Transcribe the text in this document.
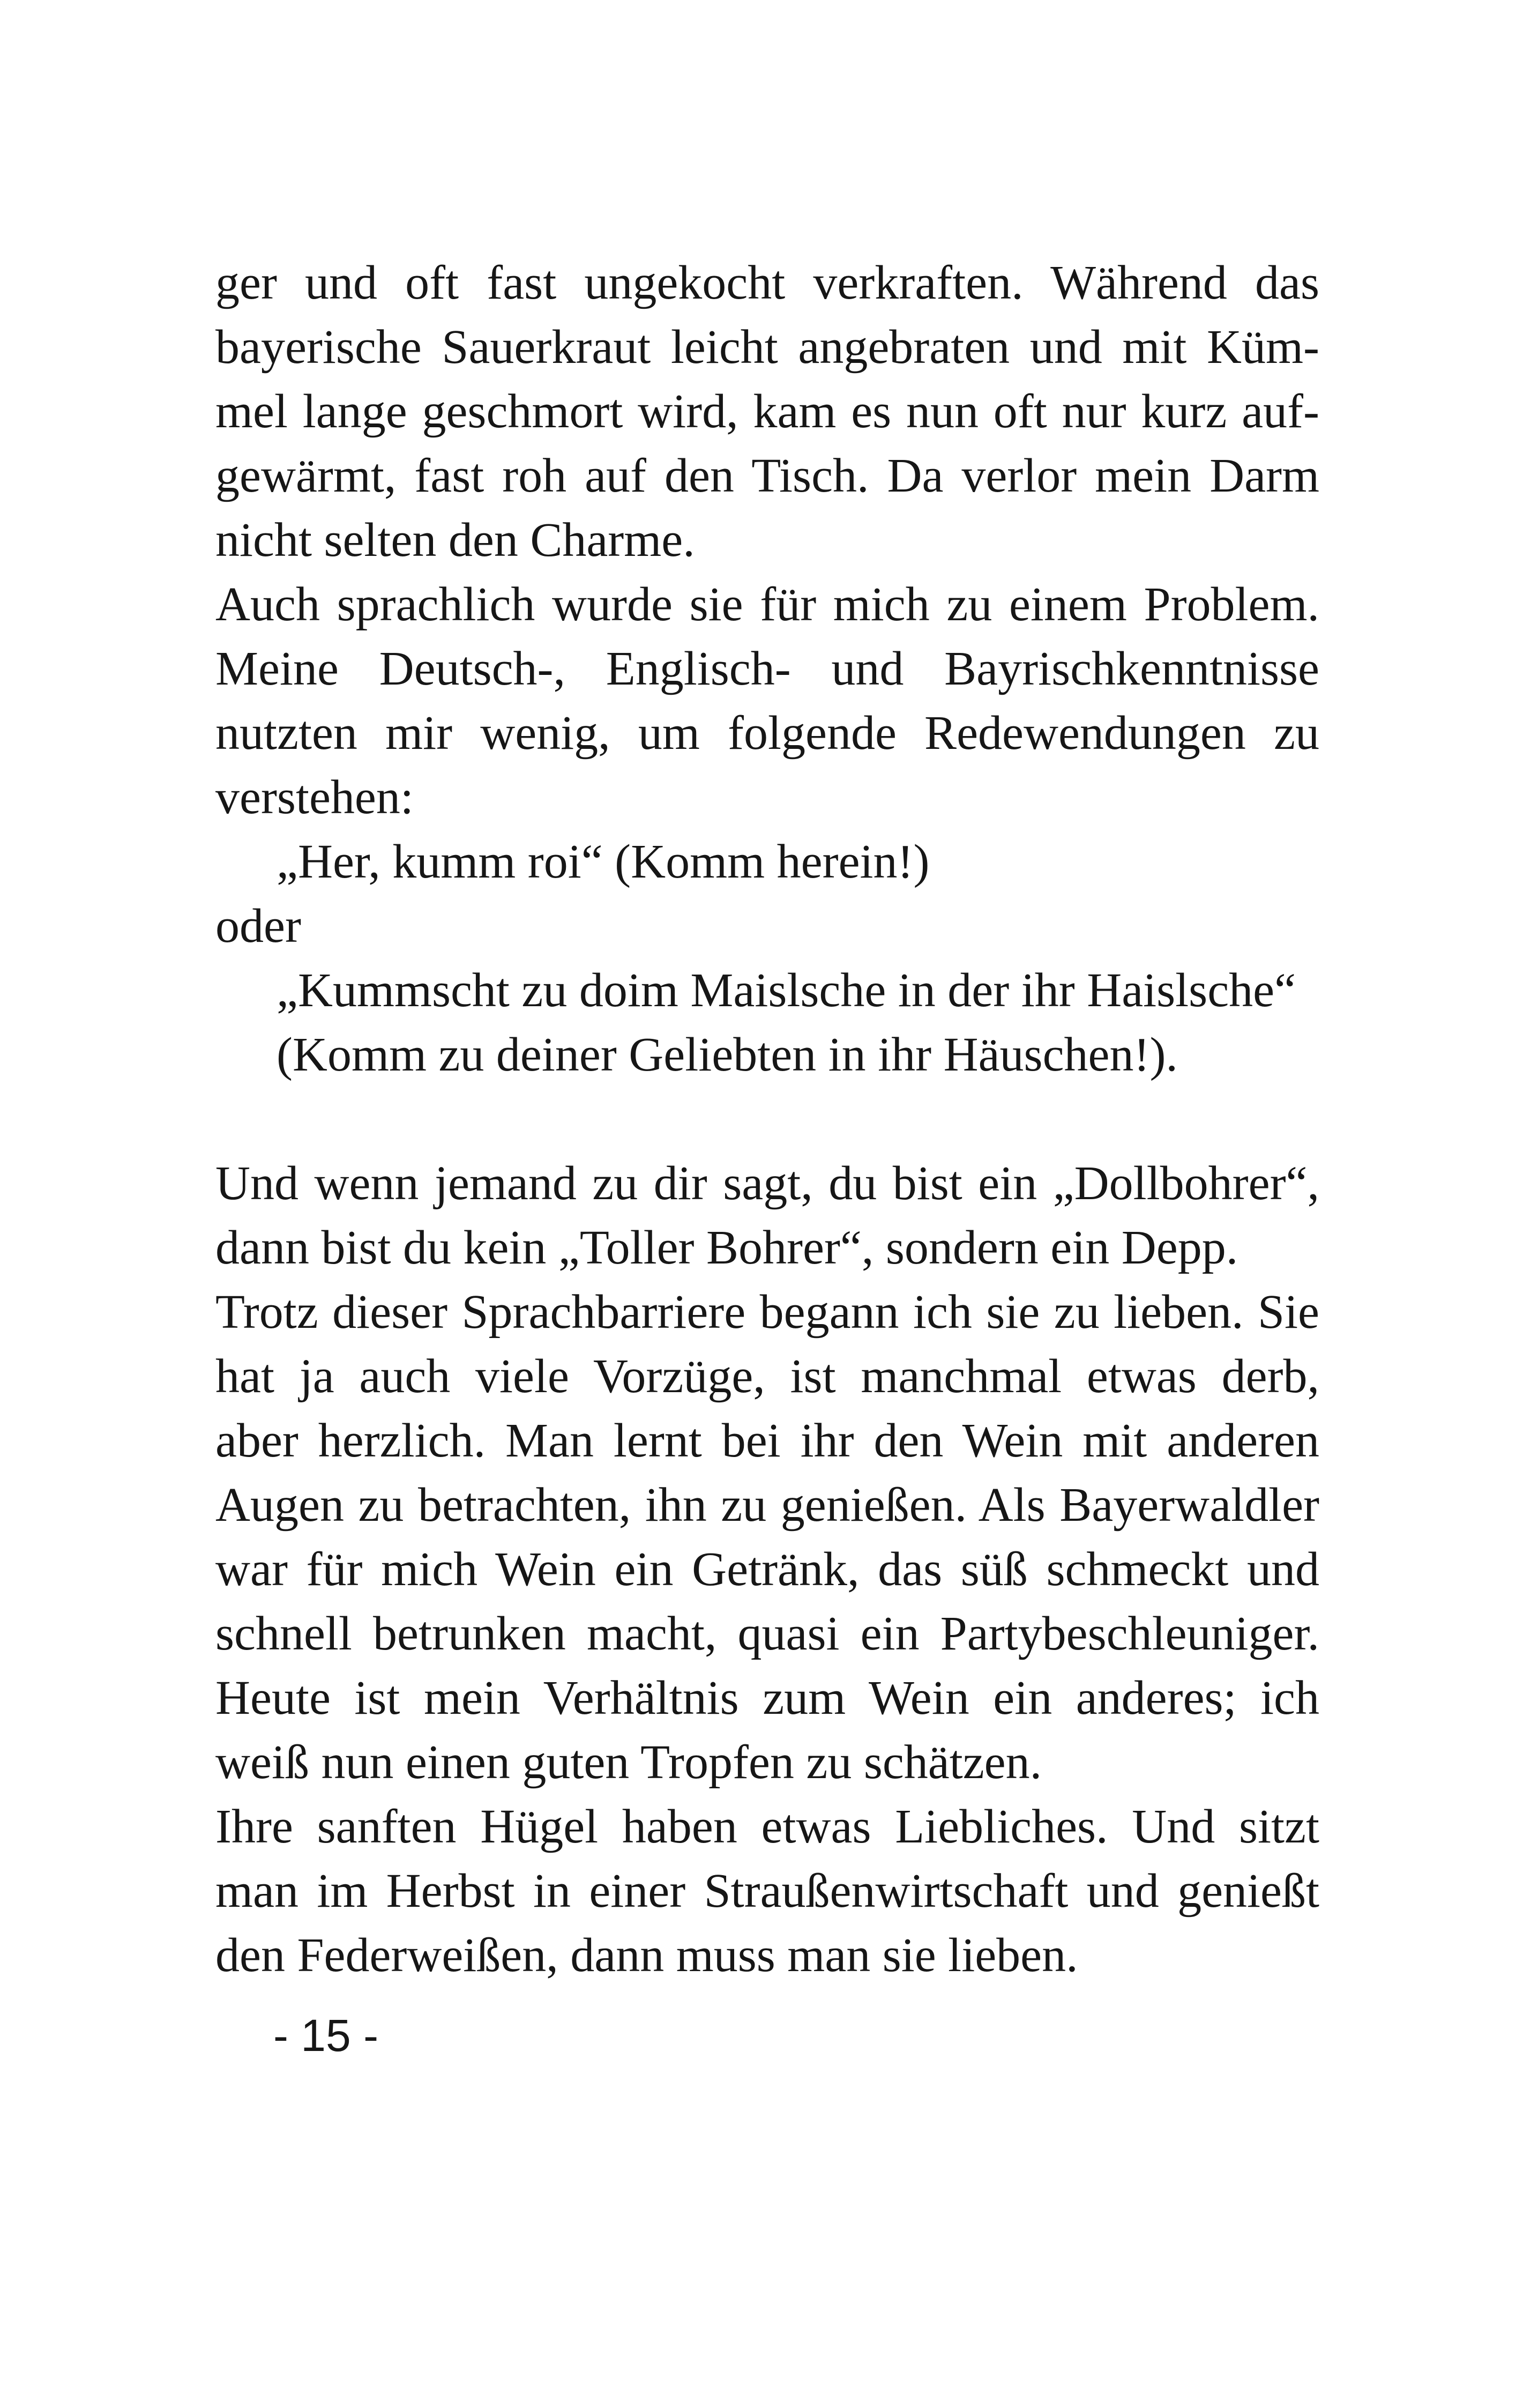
ger und oft fast ungekocht verkraften. Während das
bayerische Sauerkraut leicht angebraten und mit Küm-
mel lange geschmort wird, kam es nun oft nur kurz auf-
gewärmt, fast roh auf den Tisch. Da verlor mein Darm
nicht selten den Charme.
Auch sprachlich wurde sie für mich zu einem Problem.
Meine Deutsch-, Englisch- und Bayrischkenntnisse
nutzten mir wenig, um folgende Redewendungen zu
verstehen:
„Her, kumm roi“ (Komm herein!)
oder
„Kummscht zu doim Maislsche in der ihr Haislsche“
(Komm zu deiner Geliebten in ihr Häuschen!).
Und wenn jemand zu dir sagt, du bist ein „Dollbohrer“,
dann bist du kein „Toller Bohrer“, sondern ein Depp.
Trotz dieser Sprachbarriere begann ich sie zu lieben. Sie
hat ja auch viele Vorzüge, ist manchmal etwas derb,
aber herzlich. Man lernt bei ihr den Wein mit anderen
Augen zu betrachten, ihn zu genießen. Als Bayerwaldler
war für mich Wein ein Getränk, das süß schmeckt und
schnell betrunken macht, quasi ein Partybeschleuniger.
Heute ist mein Verhältnis zum Wein ein anderes; ich
weiß nun einen guten Tropfen zu schätzen.
Ihre sanften Hügel haben etwas Liebliches. Und sitzt
man im Herbst in einer Straußenwirtschaft und genießt
den Federweißen, dann muss man sie lieben.
- 15 -
